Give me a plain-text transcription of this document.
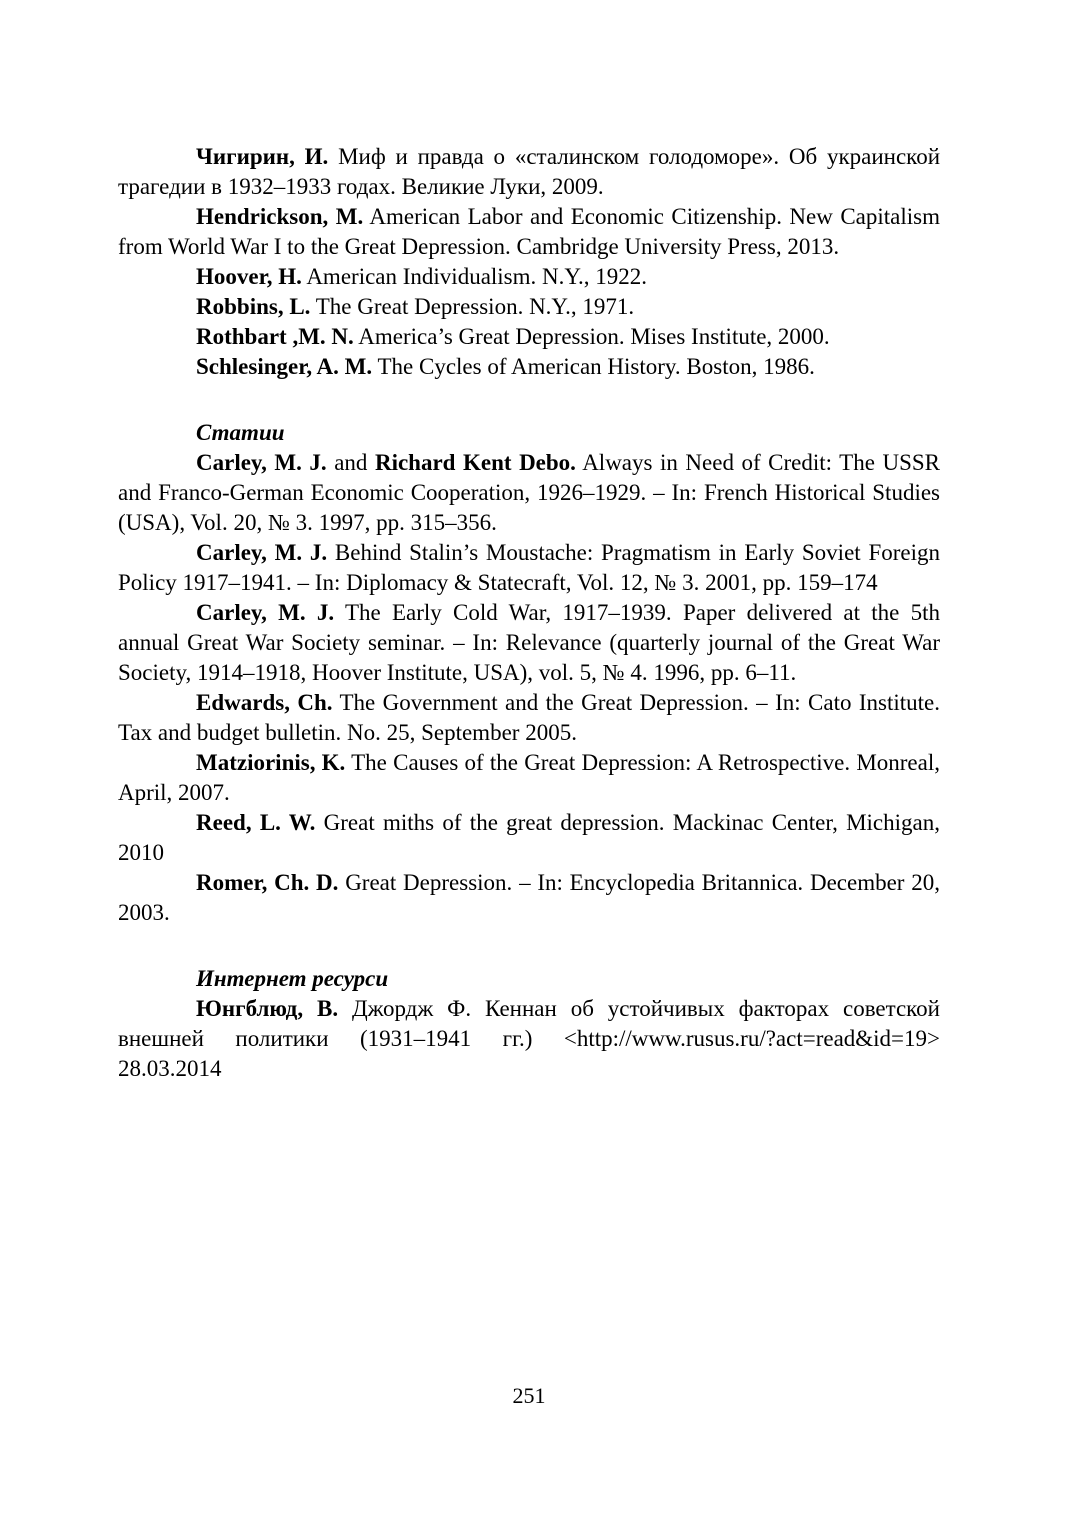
Чигирин, И. Миф и правда о «сталинском голодоморе». Об украинской трагедии в 1932–1933 годах. Великие Луки, 2009.

Hendrickson, M. American Labor and Economic Citizenship. New Capitalism from World War I to the Great Depression. Cambridge University Press, 2013.

Hoover, H. American Individualism. N.Y., 1922.

Robbins, L. The Great Depression. N.Y., 1971.

Rothbart ,M. N. America’s Great Depression. Mises Institute, 2000.

Schlesinger, A. M. The Cycles of American History. Boston, 1986.

Статии

Carley, M. J. and Richard Kent Debo. Always in Need of Credit: The USSR and Franco-German Economic Cooperation, 1926–1929. – In: French Historical Studies (USA), Vol. 20, № 3. 1997, pp. 315–356.

Carley, M. J. Behind Stalin’s Moustache: Pragmatism in Early Soviet Foreign Policy 1917–1941. – In: Diplomacy & Statecraft, Vol. 12, № 3. 2001, pp. 159–174

Carley, M. J. The Early Cold War, 1917–1939. Paper delivered at the 5th annual Great War Society seminar. – In: Relevance (quarterly journal of the Great War Society, 1914–1918, Hoover Institute, USA), vol. 5, № 4. 1996, pp. 6–11.

Edwards, Ch. The Government and the Great Depression. – In: Cato Institute. Tax and budget bulletin. No. 25, September 2005.

Matziorinis, K. The Causes of the Great Depression: A Retrospective. Monreal, April, 2007.

Reed, L. W. Great miths of the great depression. Mackinac Center, Michigan, 2010

Romer, Ch. D. Great Depression. – In: Encyclopedia Britannica. December 20, 2003.

Интернет ресурси

Юнгблюд, В. Джордж Ф. Кеннан об устойчивых факторах советской внешней политики (1931–1941 гг.) <http://www.rusus.ru/?act=read&id=19> 28.03.2014

251
